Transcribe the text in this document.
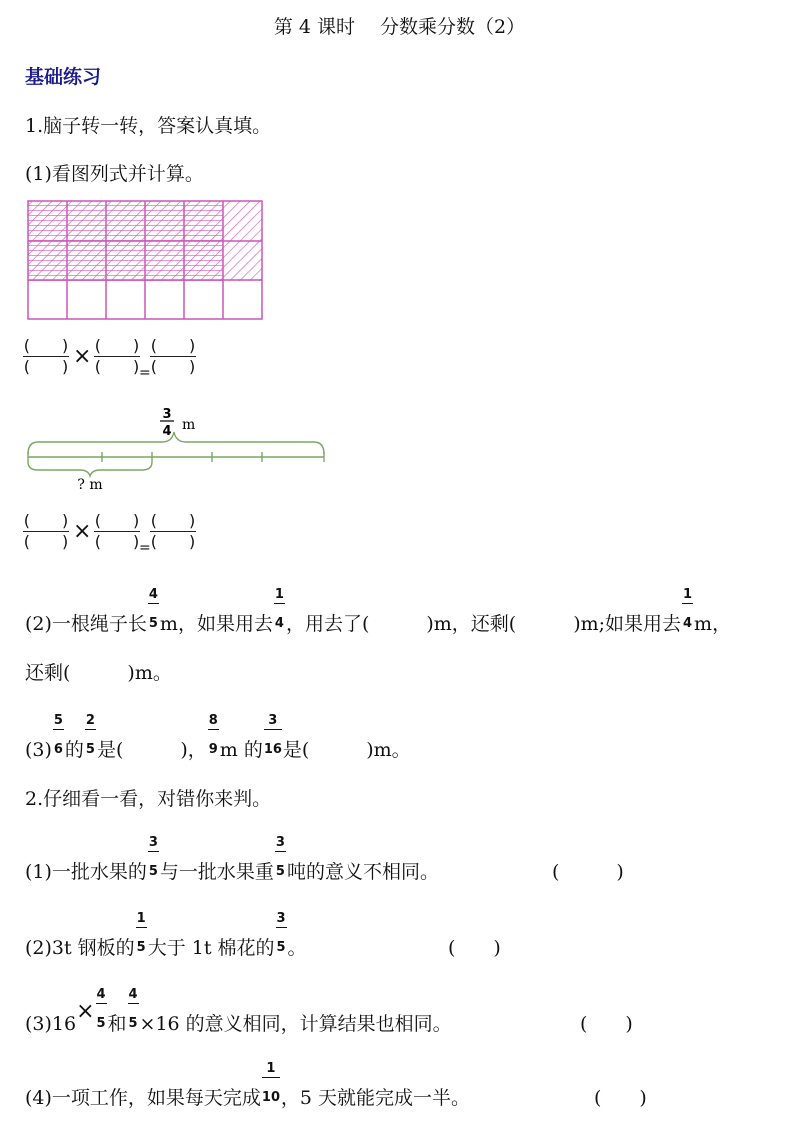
第 4 课时　 分数乘分数（2）
基础练习
1.脑子转一转，答案认真填。
(1)看图列式并计算。
(　　)
(　　) × (　　)
(　　) =
(　　)
(　　)
3
4 m
? m
(　　)
(　　) × (　　)
(　　) =
(　　)
(　　)
(2)一根绳子长 $\frac{4}{5}$ m，如果用去 $\frac{1}{4}$ ，用去了(　　　)m，还剩(　　　)m;如果用去 $\frac{1}{4}$ m，
还剩(　　　)m。
$(3) \frac{5}{6}$ 的 $\frac{2}{5}$ 是(　　　)， $\frac{8}{9}$ m 的 $\frac{3}{16}$ 是(　　　)m。
2.仔细看一看，对错你来判。
(1)一批水果的 $\frac{3}{5}$ 与一批水果重 $\frac{3}{5}$ 吨的意义不相同。	(　　　)
(2)3t 钢板的 $\frac{1}{5}$ 大于 1t 棉花的 $\frac{3}{5}$ 。	(　　)
$(3)16\times \frac{4}{5}$ 和 $\frac{4}{5} \times 16$ 的意义相同，计算结果也相同。	(　　)
(4)一项工作，如果每天完成 $\frac{1}{10}$ ，5 天就能完成一半。	(　　)
